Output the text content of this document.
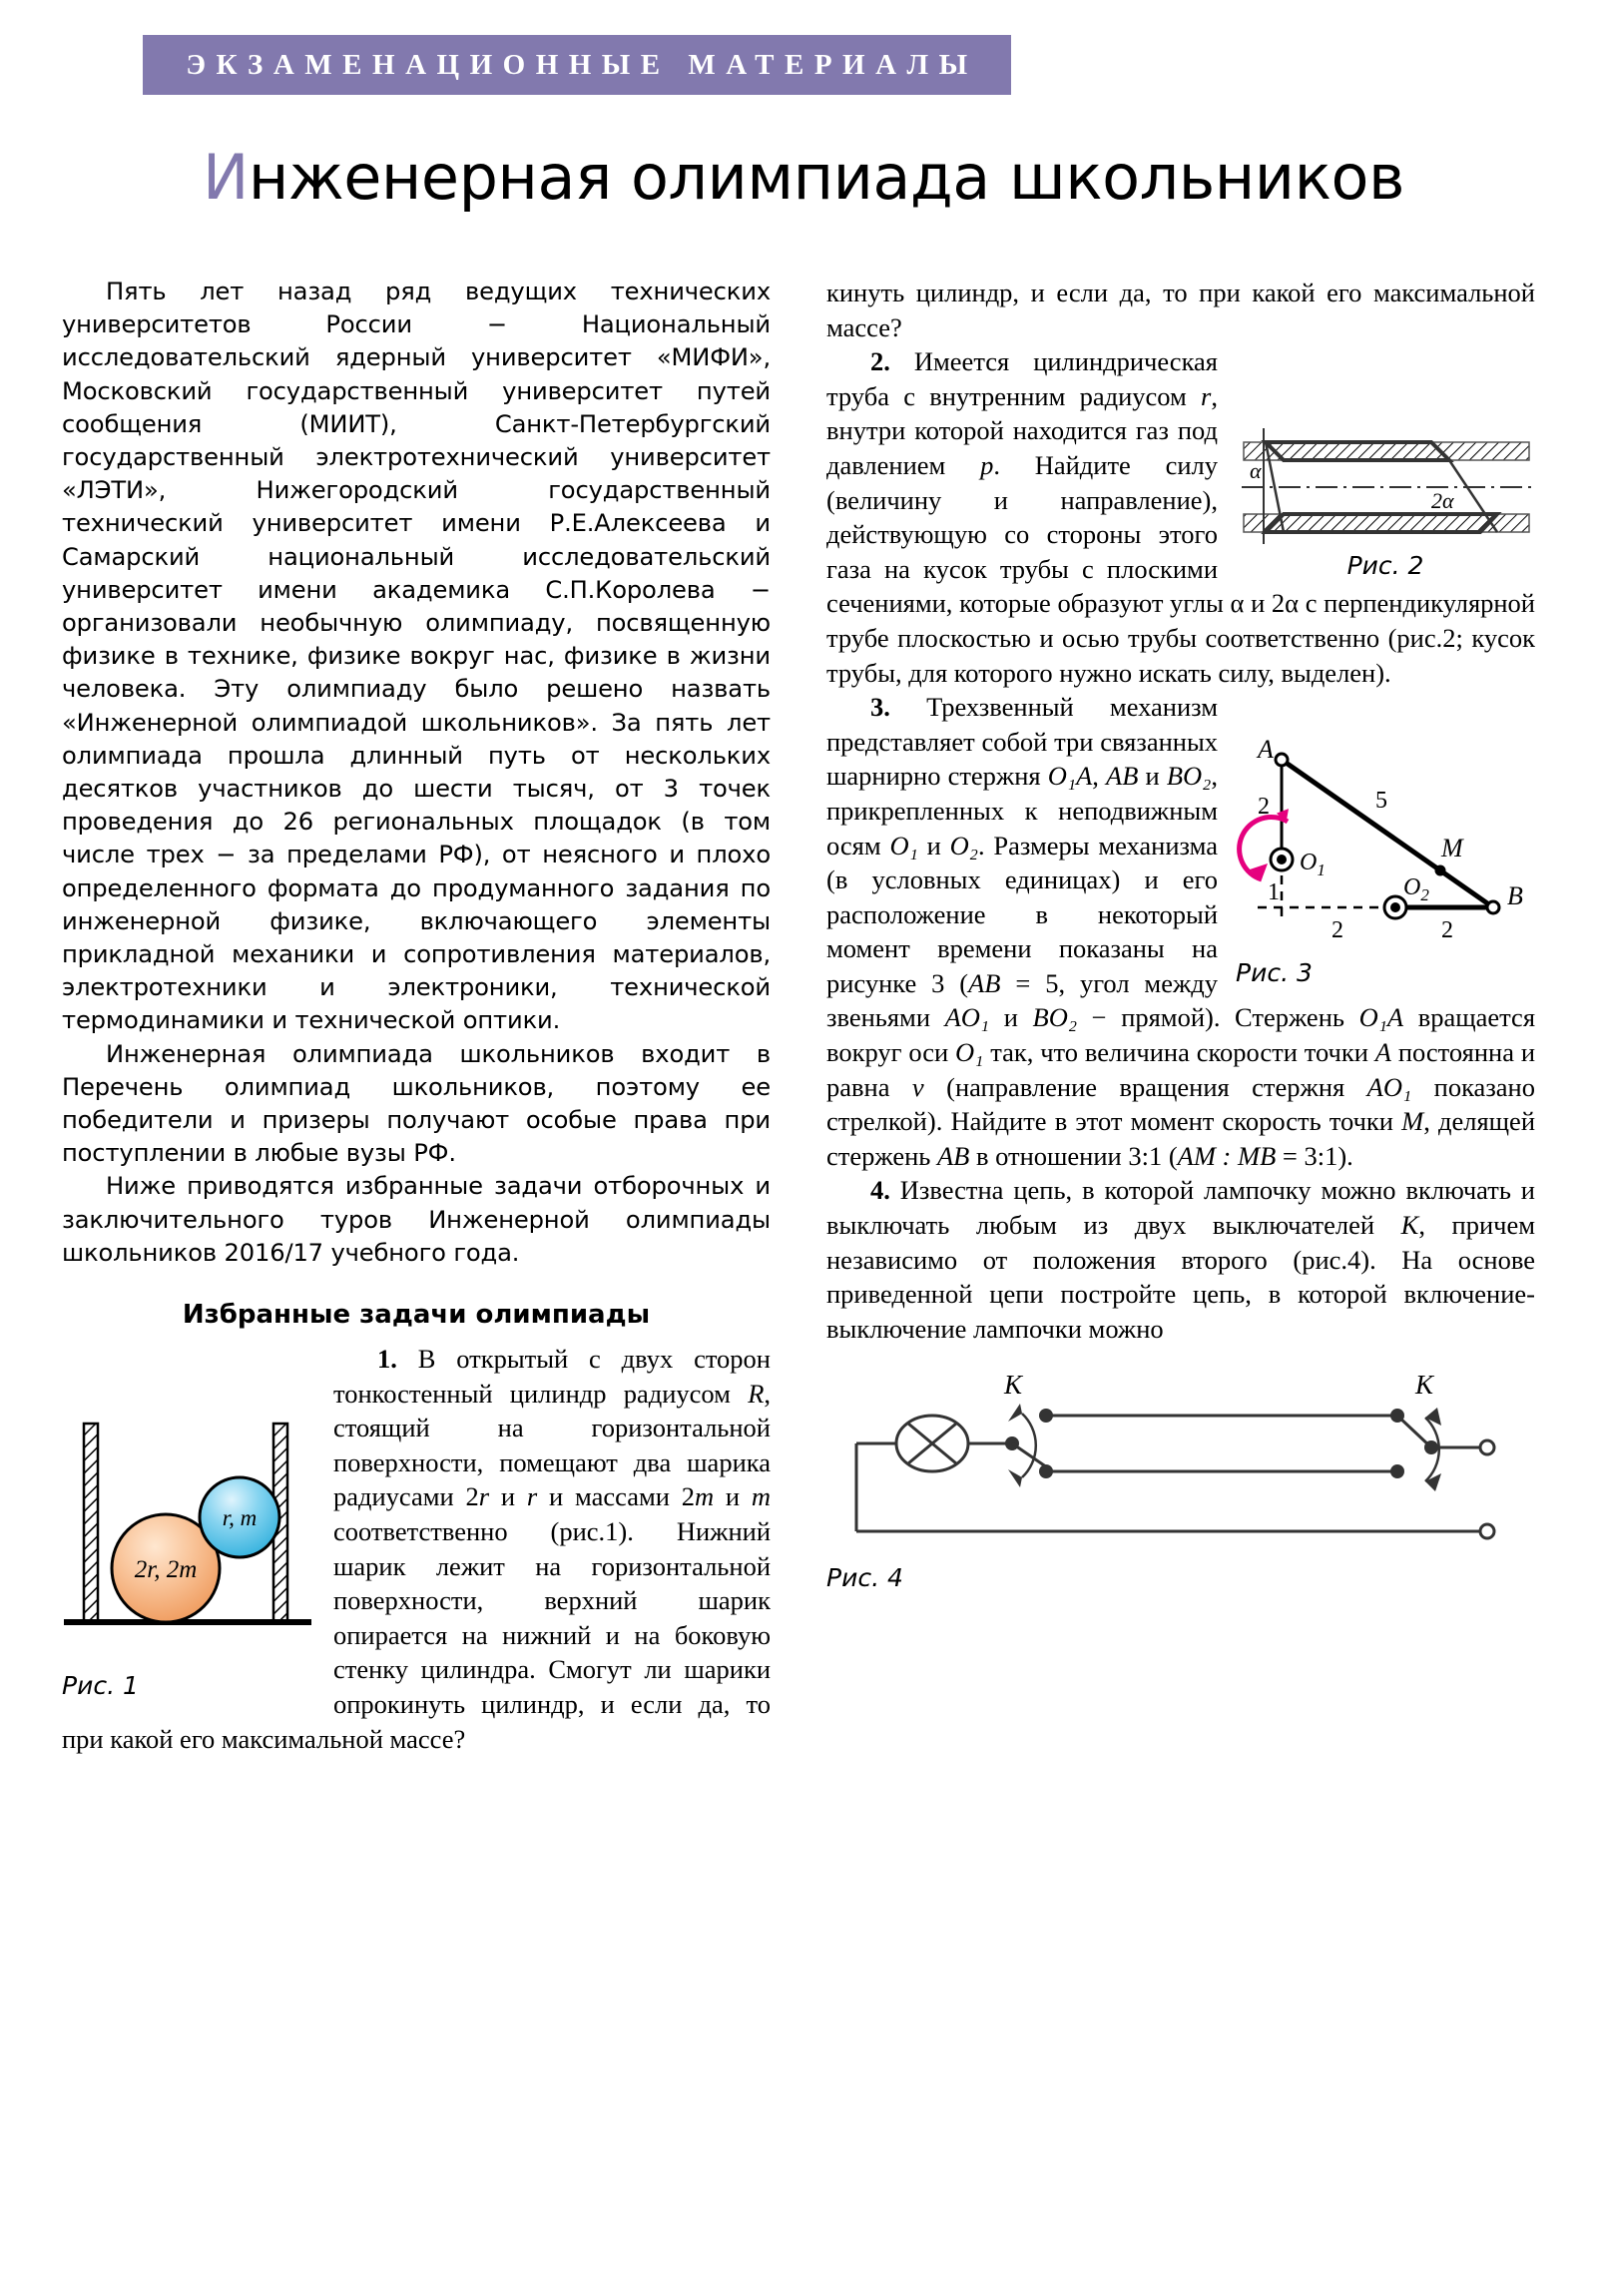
ЭКЗАМЕНАЦИОННЫЕ МАТЕРИАЛЫ
Инженерная олимпиада школьников

Пять лет назад ряд ведущих технических университетов России − Национальный исследовательский ядерный университет «МИФИ», Московский государственный университет путей сообщения (МИИТ), Санкт-Петербургский государственный электротехнический университет «ЛЭТИ», Нижегородский государственный технический университет имени Р.Е.Алексеева и Самарский национальный исследовательский университет имени академика С.П.Королева − организовали необычную олимпиаду, посвященную физике в технике, физике вокруг нас, физике в жизни человека. Эту олимпиаду было решено назвать «Инженерной олимпиадой школьников». За пять лет олимпиада прошла длинный путь от нескольких десятков участников до шести тысяч, от 3 точек проведения до 26 региональных площадок (в том числе трех − за пределами РФ), от неясного и плохо определенного формата до продуманного задания по инженерной физике, включающего элементы прикладной механики и сопротивления материалов, электротехники и электроники, технической термодинамики и технической оптики.

Инженерная олимпиада школьников входит в Перечень олимпиад школьников, поэтому ее победители и призеры получают особые права при поступлении в любые вузы РФ.

Ниже приводятся избранные задачи отборочных и заключительного туров Инженерной олимпиады школьников 2016/17 учебного года.

Избранные задачи олимпиады
2r, 2m
r, m
Рис. 1

1. В открытый с двух сторон тонкостенный цилиндр радиусом R, стоящий на горизонтальной поверхности, помещают два шарика радиусами 2r и r и массами 2m и m соответственно (рис.1). Нижний шарик лежит на горизонтальной поверхности, верхний шарик опирается на нижний и на боковую стенку цилиндра. Смогут ли шарики опрокинуть цилиндр, и если да, то при какой его максимальной массе?

кинуть цилиндр, и если да, то при какой его максимальной массе?

α
2α
Рис. 2

2. Имеется цилиндрическая труба с внутренним радиусом r, внутри которой находится газ под давлением p. Найдите силу (величину и направление), действующую со стороны этого газа на кусок трубы с плоскими сечениями, которые образуют углы α и 2α с перпендикулярной трубе плоскостью и осью трубы соответственно (рис.2; кусок трубы, для которого нужно искать силу, выделен).

A
B
M
$O_1$
$O_2$
2	5
1
2	2
Рис. 3

3. Трехзвенный механизм представляет собой три связанных шарнирно стержня O₁A, AB и BO₂, прикрепленных к неподвижным осям O₁ и O₂. Размеры механизма (в условных единицах) и его расположение в некоторый момент времени показаны на рисунке 3 (AB = 5, угол между звеньями AO₁ и BO₂ − прямой). Стержень O₁A вращается вокруг оси O₁ так, что величина скорости точки A постоянна и равна v (направление вращения стержня AO₁ показано стрелкой). Найдите в этот момент скорость точки M, делящей стержень AB в отношении 3:1 (AM : MB = 3:1).

4. Известна цепь, в которой лампочку можно включать и выключать любым из двух выключателей K, причем независимо от положения второго (рис.4). На основе приведенной цепи постройте цепь, в которой включение-выключение лампочки можно

K	K
Рис. 4
